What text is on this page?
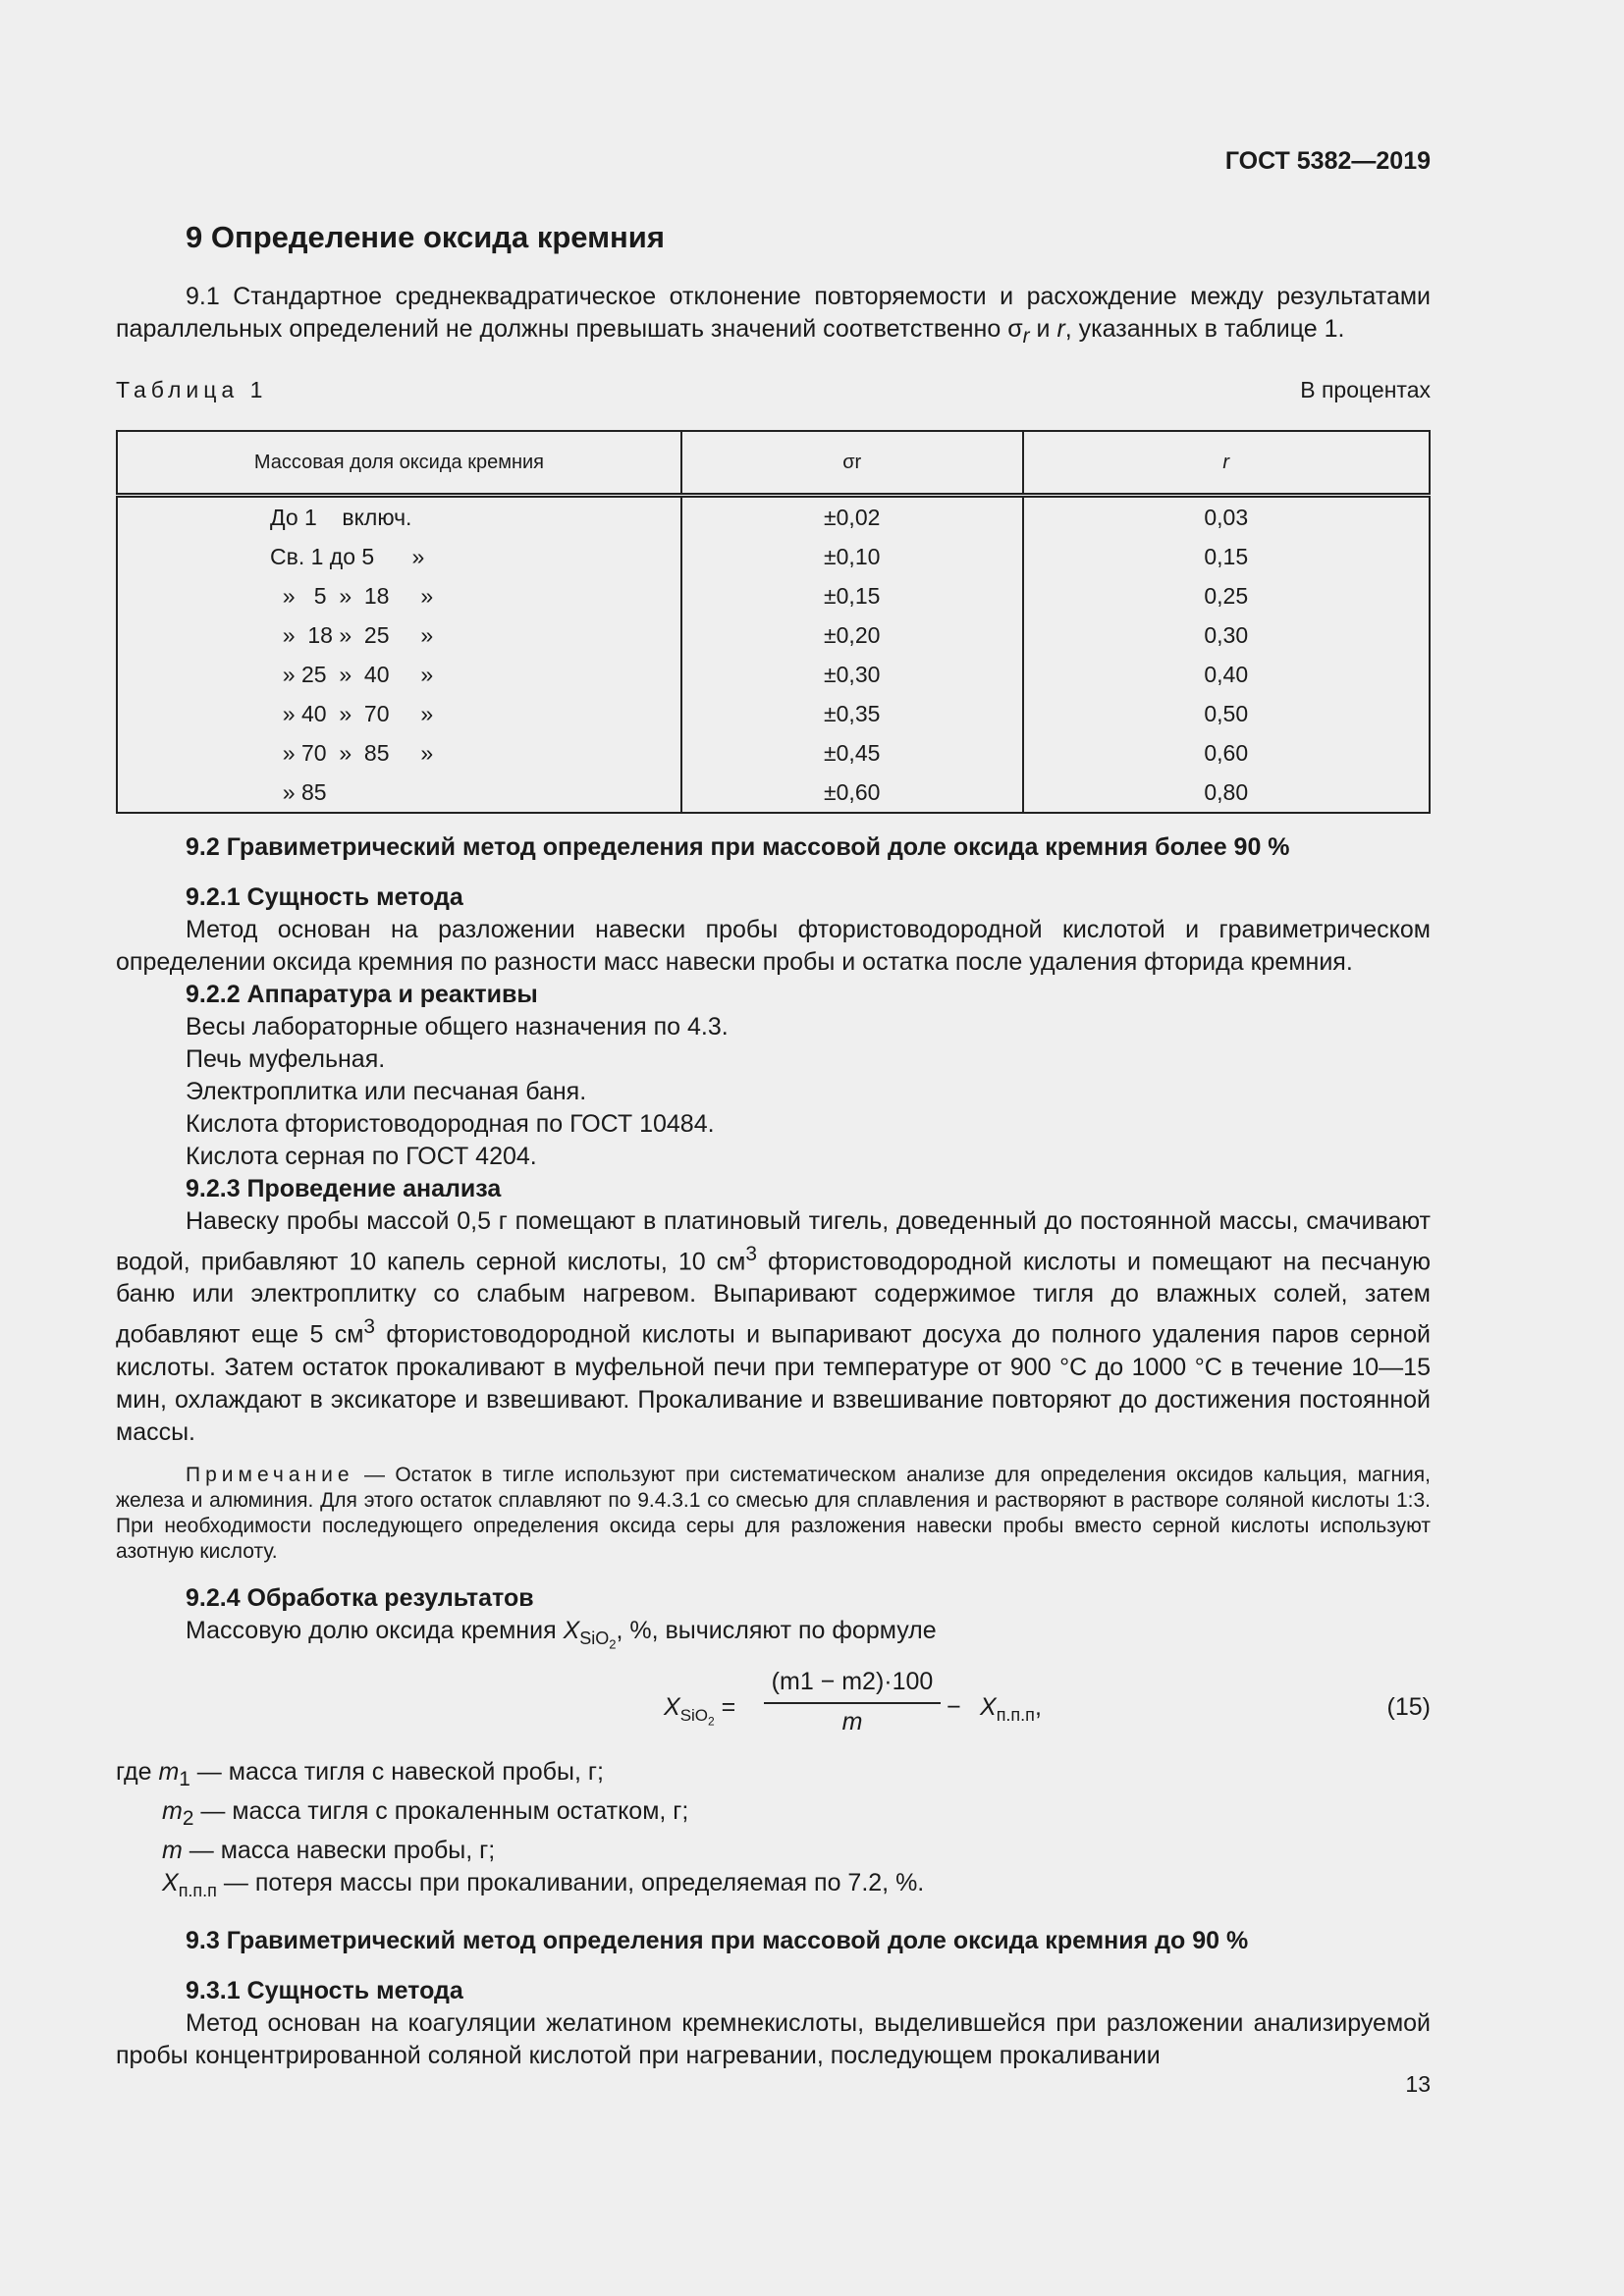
ГОСТ 5382—2019
9 Определение оксида кремния

9.1 Стандартное среднеквадратическое отклонение повторяемости и расхождение между результатами параллельных определений не должны превышать значений соответственно $\sigma_r$ и r, указанных в таблице 1.

Таблица 1	В процентах
Массовая доля оксида кремния	σr	r
До 1    включ.	±0,02	0,03
Св. 1 до 5      »	±0,10	0,15
»   5  »  18     »	±0,15	0,25
»  18 »  25     »	±0,20	0,30
» 25  »  40     »	±0,30	0,40
» 40  »  70     »	±0,35	0,50
» 70  »  85     »	±0,45	0,60
» 85	±0,60	0,80
9.2 Гравиметрический метод определения при массовой доле оксида кремния более 90 %
9.2.1 Сущность метода

Метод основан на разложении навески пробы фтористоводородной кислотой и гравиметрическом определении оксида кремния по разности масс навески пробы и остатка после удаления фторида кремния.

9.2.2 Аппаратура и реактивы
Весы лабораторные общего назначения по 4.3.
Печь муфельная.
Электроплитка или песчаная баня.
Кислота фтористоводородная по ГОСТ 10484.
Кислота серная по ГОСТ 4204.
9.2.3 Проведение анализа

Навеску пробы массой 0,5 г помещают в платиновый тигель, доведенный до постоянной массы, смачивают водой, прибавляют 10 капель серной кислоты, 10 $см^3$ фтористоводородной кислоты и помещают на песчаную баню или электроплитку со слабым нагревом. Выпаривают содержимое тигля до влажных солей, затем добавляют еще 5 $см^3$ фтористоводородной кислоты и выпаривают досуха до полного удаления паров серной кислоты. Затем остаток прокаливают в муфельной печи при температуре от 900 °С до 1000 °С в течение 10—15 мин, охлаждают в эксикаторе и взвешивают. Прокаливание и взвешивание повторяют до достижения постоянной массы.

Примечание — Остаток в тигле используют при систематическом анализе для определения оксидов кальция, магния, железа и алюминия. Для этого остаток сплавляют по 9.4.3.1 со смесью для сплавления и растворяют в растворе соляной кислоты 1:3. При необходимости последующего определения оксида серы для разложения навески пробы вместо серной кислоты используют азотную кислоту.

9.2.4 Обработка результатов
Массовую долю оксида кремния $X_{SiO_2}$, %, вычисляют по формуле
$X_{SiO_2} = \frac{(m1 - m2)\cdot 100}{m} - X_{п.п.п}$,	(15)
где $m_1$ — масса тигля с навеской пробы, г;
$m_2$ — масса тигля с прокаленным остатком, г;
m — масса навески пробы, г;
$X_{п.п.п}$ — потеря массы при прокаливании, определяемая по 7.2, %.
9.3 Гравиметрический метод определения при массовой доле оксида кремния до 90 %
9.3.1 Сущность метода

Метод основан на коагуляции желатином кремнекислоты, выделившейся при разложении анализируемой пробы концентрированной соляной кислотой при нагревании, последующем прокаливании

13
